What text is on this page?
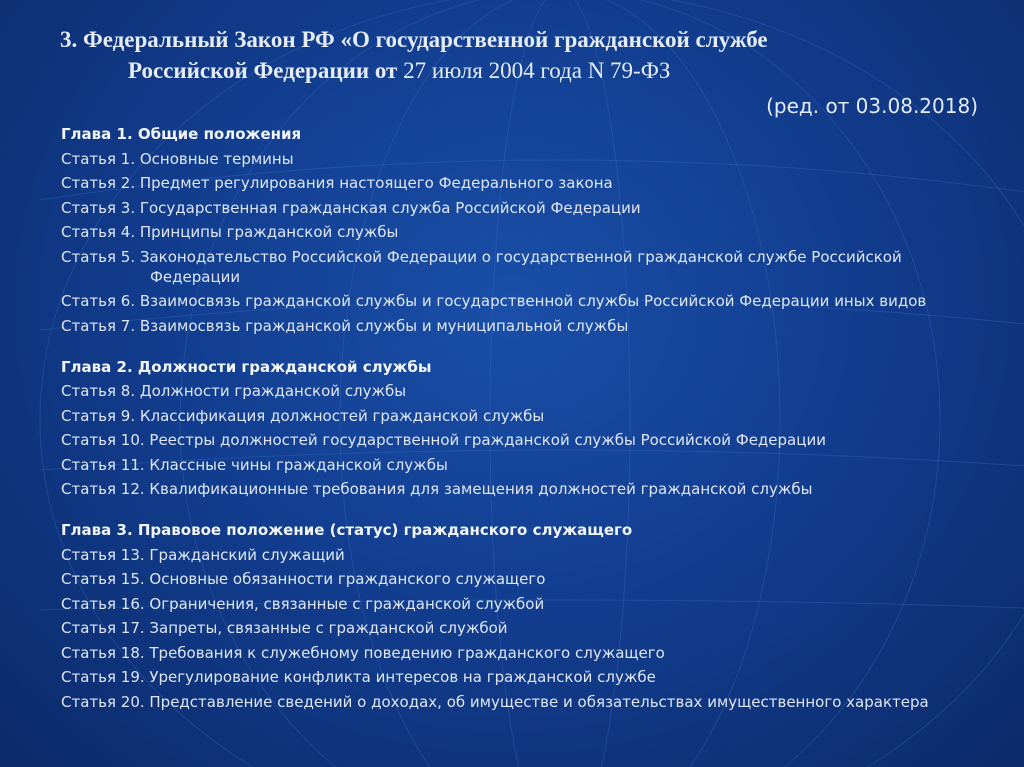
3. Федеральный Закон РФ «О государственной гражданской службе
Российской Федерации от 27 июля 2004 года N 79-ФЗ
(ред. от 03.08.2018)
Глава 1. Общие положения
Статья 1. Основные термины
Статья 2. Предмет регулирования настоящего Федерального закона
Статья 3. Государственная гражданская служба Российской Федерации
Статья 4. Принципы гражданской службы
Статья 5. Законодательство Российской Федерации о государственной гражданской службе Российской Федерации
Статья 6. Взаимосвязь гражданской службы и государственной службы Российской Федерации иных видов
Статья 7. Взаимосвязь гражданской службы и муниципальной службы
Глава 2. Должности гражданской службы
Статья 8. Должности гражданской службы
Статья 9. Классификация должностей гражданской службы
Статья 10. Реестры должностей государственной гражданской службы Российской Федерации
Статья 11. Классные чины гражданской службы
Статья 12. Квалификационные требования для замещения должностей гражданской службы
Глава 3. Правовое положение (статус) гражданского служащего
Статья 13. Гражданский служащий
Статья 15. Основные обязанности гражданского служащего
Статья 16. Ограничения, связанные с гражданской службой
Статья 17. Запреты, связанные с гражданской службой
Статья 18. Требования к служебному поведению гражданского служащего
Статья 19. Урегулирование конфликта интересов на гражданской службе
Статья 20. Представление сведений о доходах, об имуществе и обязательствах имущественного характера
